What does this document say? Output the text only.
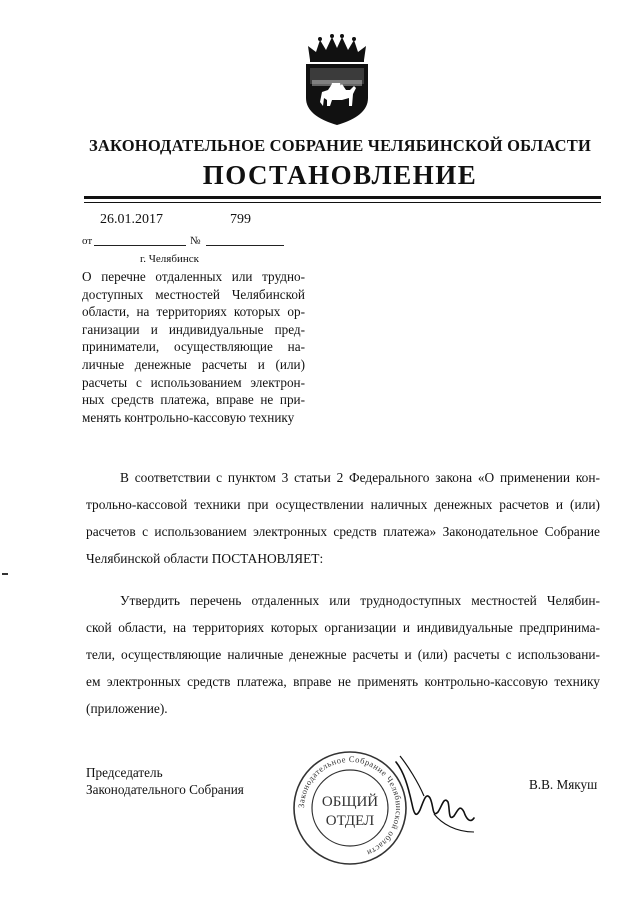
ЗАКОНОДАТЕЛЬНОЕ СОБРАНИЕ ЧЕЛЯБИНСКОЙ ОБЛАСТИ
ПОСТАНОВЛЕНИЕ
26.01.2017	799
от	№
г. Челябинск
О перечне отдаленных или трудно-
доступных местностей Челябинской
области, на территориях которых ор-
ганизации и индивидуальные пред-
приниматели, осуществляющие на-
личные денежные расчеты и (или)
расчеты с использованием электрон-
ных средств платежа, вправе не при-
менять контрольно-кассовую технику
В соответствии с пунктом 3 статьи 2 Федерального закона «О применении кон-
трольно-кассовой техники при осуществлении наличных денежных расчетов и (или)
расчетов с использованием электронных средств платежа» Законодательное Собрание
Челябинской области ПОСТАНОВЛЯЕТ:
Утвердить перечень отдаленных или труднодоступных местностей Челябин-
ской области, на территориях которых организации и индивидуальные предпринима-
тели, осуществляющие наличные денежные расчеты и (или) расчеты с использовани-
ем электронных средств платежа, вправе не применять контрольно-кассовую технику
(приложение).
Председатель
Законодательного Собрания
Законодательное Собрание Челябинской области
ОБЩИЙ
ОТДЕЛ
В.В. Мякуш
